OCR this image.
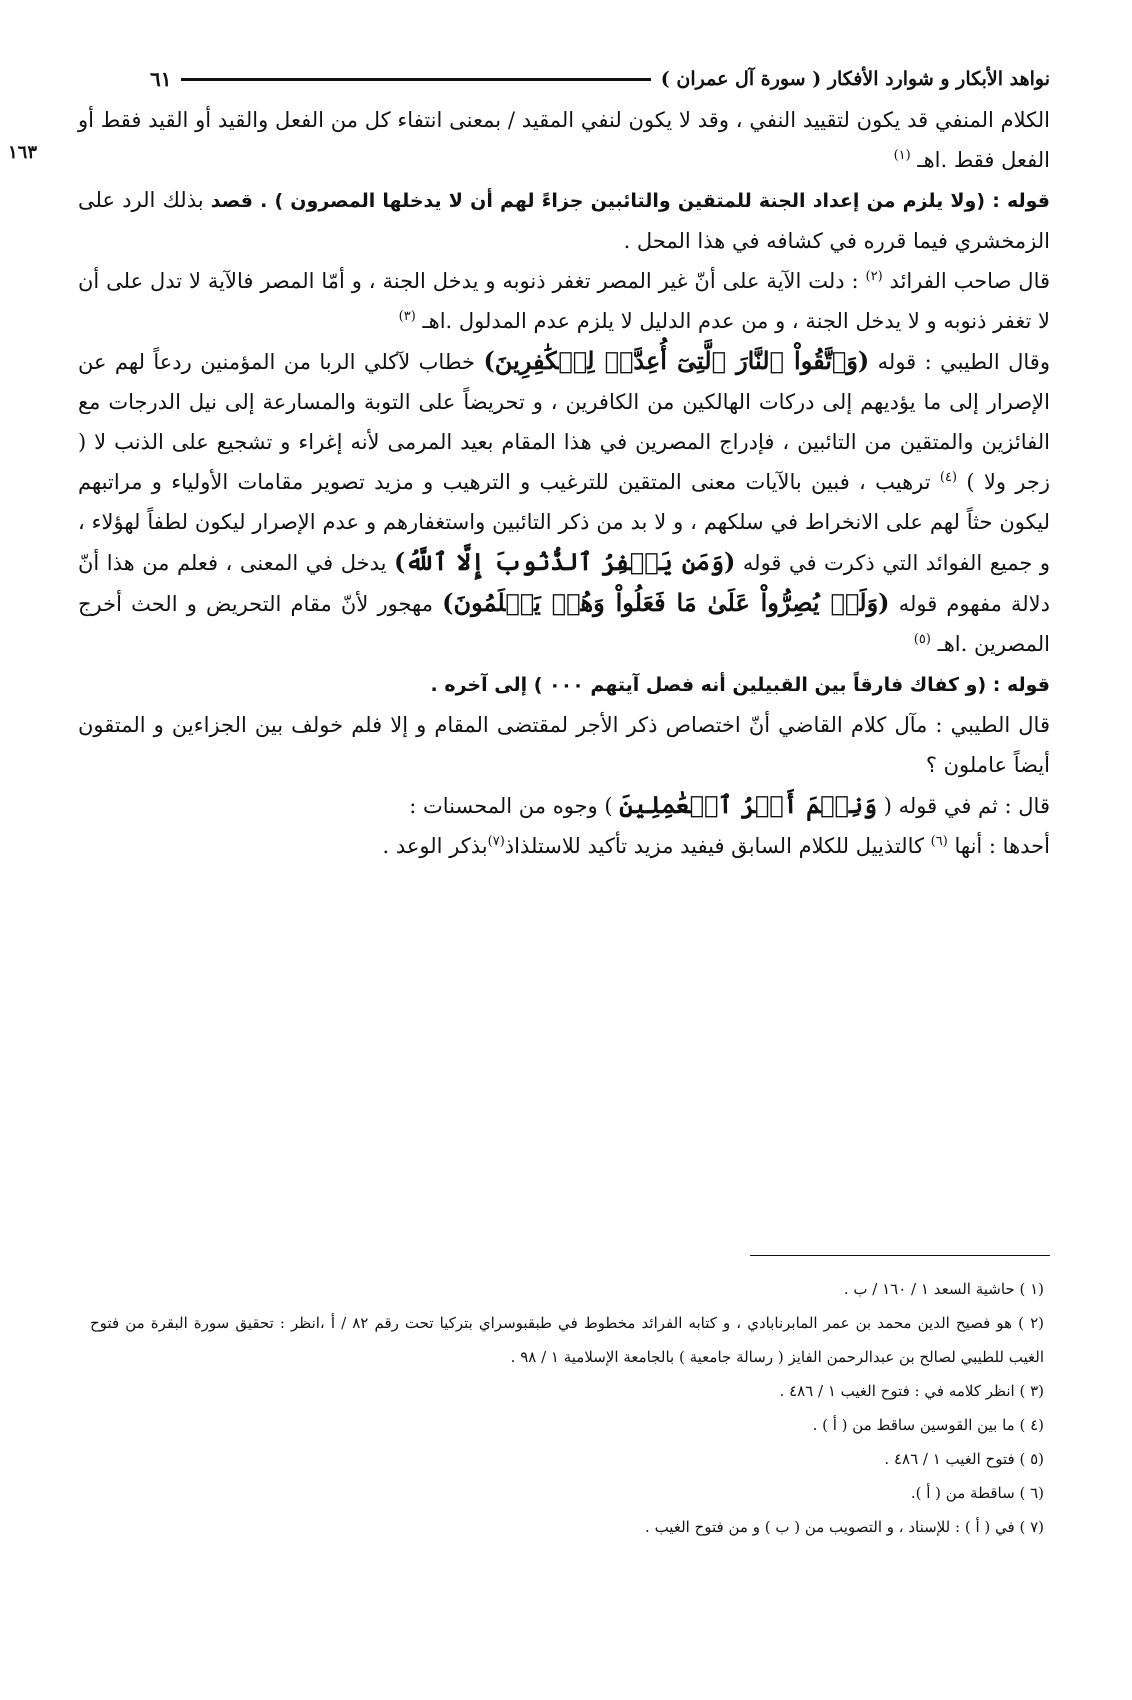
نواهد الأبكار و شوارد الأفكار ( سورة آل عمران )
٦١
١٦٣

الكلام المنفي قد يكون لتقييد النفي ، وقد لا يكون لنفي المقيد / بمعنى انتفاء كل من الفعل والقيد أو القيد فقط أو الفعل فقط .اهـ $^{(١)}$

قوله : (ولا يلزم من إعداد الجنة للمتقين والتائبين جزاءً لهم أن لا يدخلها المصرون ) . قصد بذلك الرد على الزمخشري فيما قرره في كشافه في هذا المحل .

قال صاحب الفرائد $^{(٢)}$ : دلت الآية على أنّ غير المصر تغفر ذنوبه و يدخل الجنة ، و أمّا المصر فالآية لا تدل على أن لا تغفر ذنوبه و لا يدخل الجنة ، و من عدم الدليل لا يلزم عدم المدلول .اهـ $^{(٣)}$

وقال الطيبي : قوله (وَٱتَّقُواْ ٱلنَّارَ ٱلَّتِىٓ أُعِدَّتۡ لِلۡكَٰفِرِينَ) خطاب لآكلي الربا من المؤمنين ردعاً لهم عن الإصرار إلى ما يؤديهم إلى دركات الهالكين من الكافرين ، و تحريضاً على التوبة والمسارعة إلى نيل الدرجات مع الفائزين والمتقين من التائبين ، فإدراج المصرين في هذا المقام بعيد المرمى لأنه إغراء و تشجيع على الذنب لا ( زجر ولا ) $^{(٤)}$ ترهيب ، فبين بالآيات معنى المتقين للترغيب و الترهيب و مزيد تصوير مقامات الأولياء و مراتبهم ليكون حثاً لهم على الانخراط في سلكهم ، و لا بد من ذكر التائبين واستغفارهم و عدم الإصرار ليكون لطفاً لهؤلاء ، و جميع الفوائد التي ذكرت في قوله (وَمَن يَغۡفِرُ ٱلذُّنُوبَ إِلَّا ٱللَّهُ) يدخل في المعنى ، فعلم من هذا أنّ دلالة مفهوم قوله (وَلَمۡ يُصِرُّواْ عَلَىٰ مَا فَعَلُواْ وَهُمۡ يَعۡلَمُونَ) مهجور لأنّ مقام التحريض و الحث أخرج المصرين .اهـ $^{(٥)}$

قوله : (و كفاك فارقاً بين القبيلين أنه فصل آيتهم ۰۰۰ ) إلى آخره .

قال الطيبي : مآل كلام القاضي أنّ اختصاص ذكر الأجر لمقتضى المقام و إلا فلم خولف بين الجزاءين و المتقون أيضاً عاملون ؟

قال : ثم في قوله ( وَنِعۡمَ أَجۡرُ ٱلۡعَٰمِلِينَ ) وجوه من المحسنات :

أحدها : أنها $^{(٦)}$ كالتذييل للكلام السابق فيفيد مزيد تأكيد للاستلذاذ$^{(٧)}$بذكر الوعد .

(١ ) حاشية السعد ١ / ١٦٠ / ب .

(٢ ) هو فصيح الدين محمد بن عمر المابرنابادي ، و كتابه الفرائد مخطوط في طبقبوسراي بتركيا تحت رقم ٨٢ / أ ،انظر : تحقيق سورة البقرة من فتوح الغيب للطيبي لصالح بن عبدالرحمن الفايز ( رسالة جامعية ) بالجامعة الإسلامية ١ / ٩٨ .

(٣ ) انظر كلامه في : فتوح الغيب ١ / ٤٨٦ .

(٤ ) ما بين القوسين ساقط من ( أ ) .

(٥ ) فتوح الغيب ١ / ٤٨٦ .

(٦ ) ساقطة من ( أ ).

(٧ ) في ( أ ) : للإسناد ، و التصويب من ( ب ) و من فتوح الغيب .
